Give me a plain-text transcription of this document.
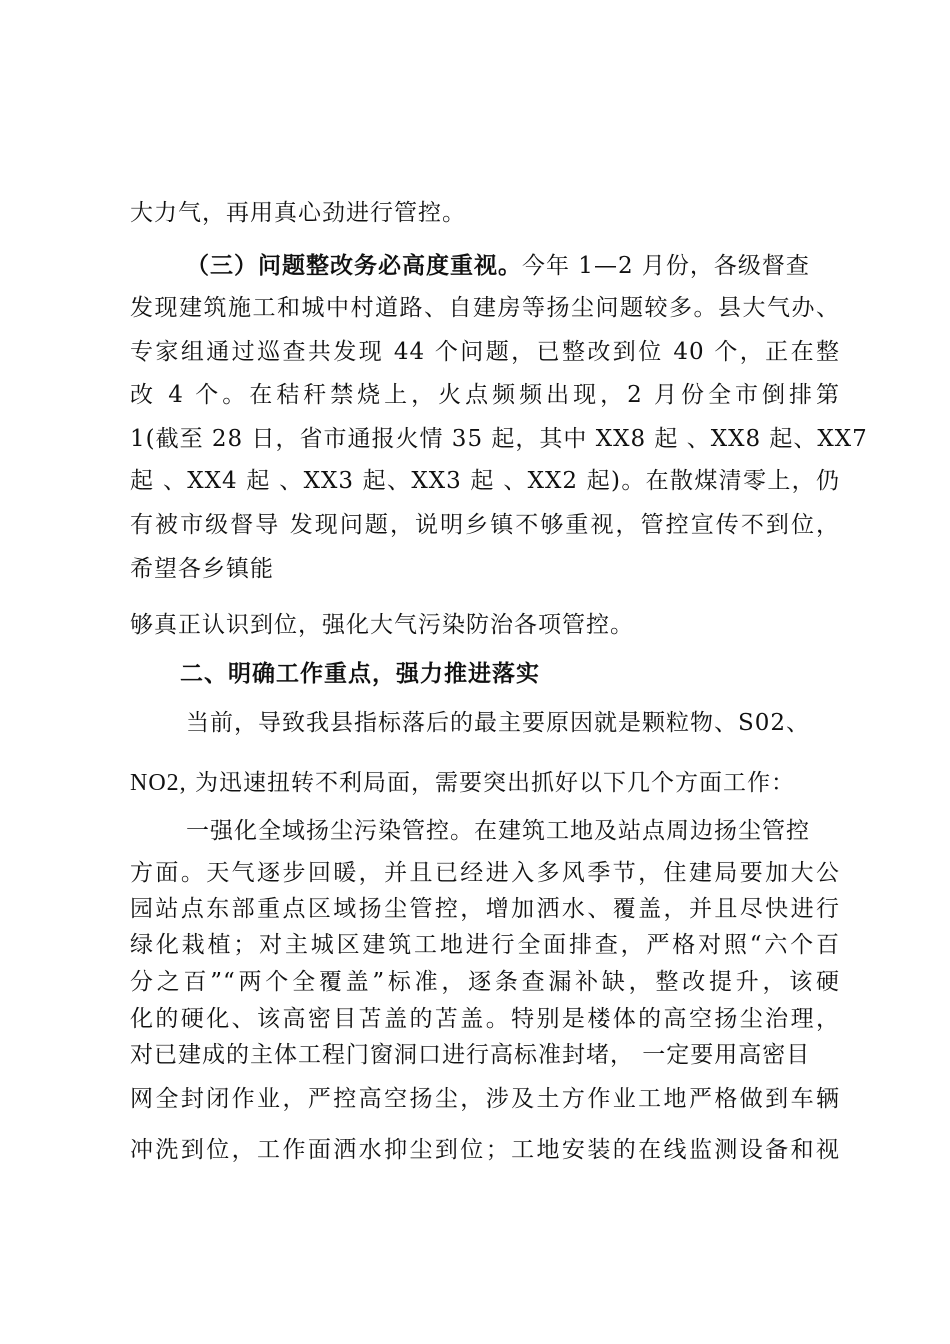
大力气，再用真心劲进行管控。
（三）问题整改务必高度重视。今年 1—2 月份，各级督查
发现建筑施工和城中村道路、自建房等扬尘问题较多。县大气办、
专家组通过巡查共发现 44 个问题，已整改到位 40 个，正在整
改 4 个。在秸秆禁烧上，火点频频出现，2 月份全市倒排第
1(截至 28 日，省市通报火情 35 起，其中 XX8 起 、XX8 起、XX7
起 、XX4 起 、XX3 起、XX3 起 、XX2 起)。在散煤清零上，仍
有被市级督导 发现问题，说明乡镇不够重视，管控宣传不到位，
希望各乡镇能
够真正认识到位，强化大气污染防治各项管控。
二、明确工作重点，强力推进落实
当前，导致我县指标落后的最主要原因就是颗粒物、S02、
NO2, 为迅速扭转不利局面，需要突出抓好以下几个方面工作：
一强化全域扬尘污染管控。在建筑工地及站点周边扬尘管控
方面。天气逐步回暖，并且已经进入多风季节，住建局要加大公
园站点东部重点区域扬尘管控，增加洒水、覆盖，并且尽快进行
绿化栽植；对主城区建筑工地进行全面排查，严格对照“六个百
分之百”“两个全覆盖”标准，逐条查漏补缺，整改提升，该硬
化的硬化、该高密目苫盖的苫盖。特别是楼体的高空扬尘治理，
对已建成的主体工程门窗洞口进行高标准封堵， 一定要用高密目
网全封闭作业，严控高空扬尘，涉及土方作业工地严格做到车辆
冲洗到位，工作面洒水抑尘到位；工地安装的在线监测设备和视
